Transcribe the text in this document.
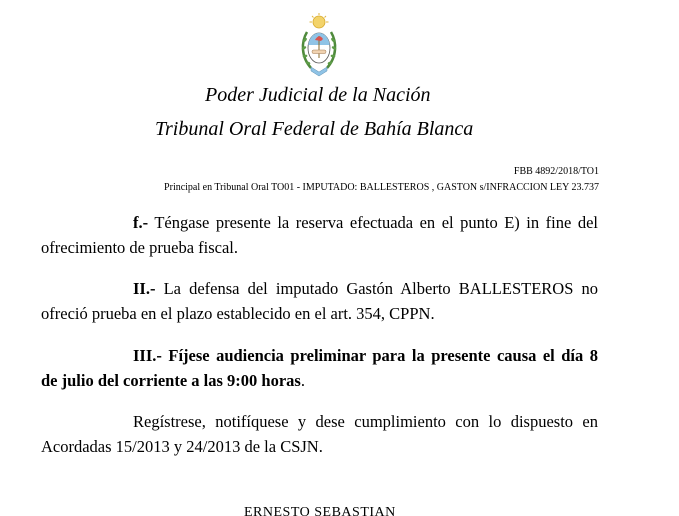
Poder Judicial de la Nación
Tribunal Oral Federal de Bahía Blanca
FBB 4892/2018/TO1
Principal en Tribunal Oral TO01 - IMPUTADO: BALLESTEROS , GASTON s/INFRACCION LEY 23.737
f.- Téngase presente la reserva efectuada en el punto E) in fine del
ofrecimiento de prueba fiscal.
II.- La defensa del imputado Gastón Alberto BALLESTEROS no
ofreció prueba en el plazo establecido en el art. 354, CPPN.
III.- Fíjese audiencia preliminar para la presente causa el día 8
de julio del corriente a las 9:00 horas.
Regístrese, notifíquese y dese cumplimiento con lo dispuesto en
Acordadas 15/2013 y 24/2013 de la CSJN.
ERNESTO SEBASTIAN
